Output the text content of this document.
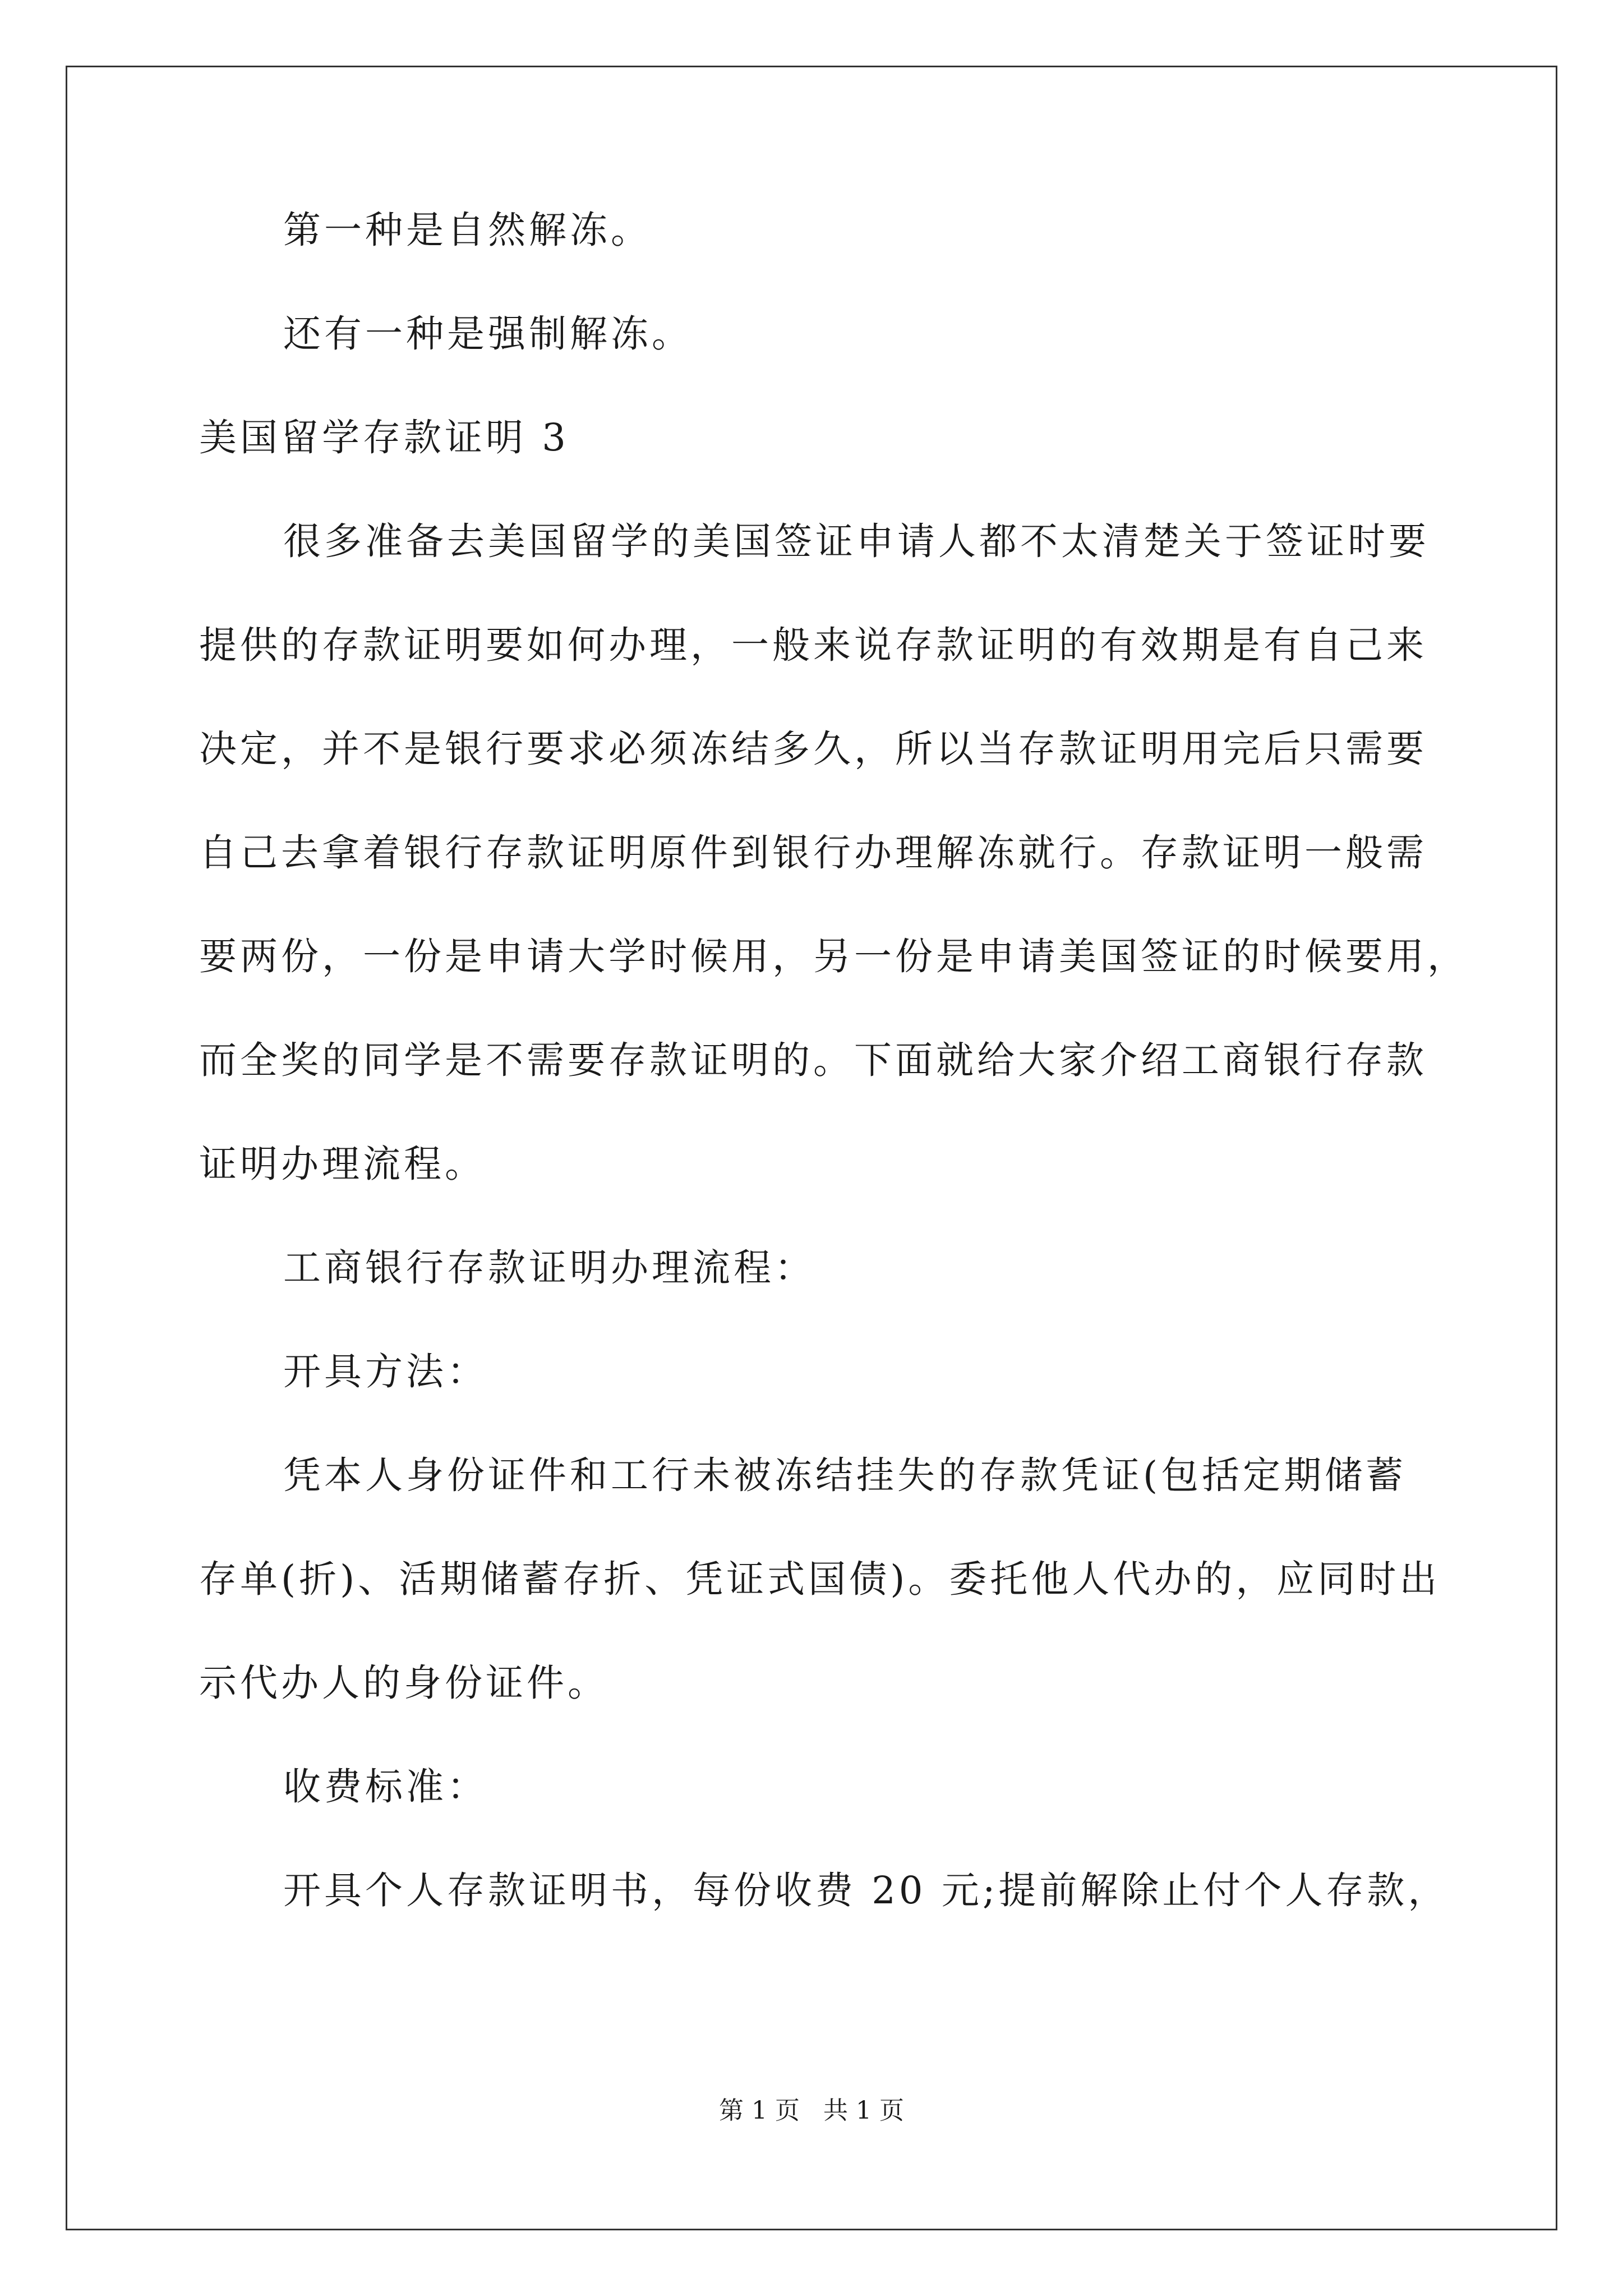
第一种是自然解冻。
还有一种是强制解冻。
美国留学存款证明 3
很多准备去美国留学的美国签证申请人都不太清楚关于签证时要
提供的存款证明要如何办理，一般来说存款证明的有效期是有自己来
决定，并不是银行要求必须冻结多久，所以当存款证明用完后只需要
自己去拿着银行存款证明原件到银行办理解冻就行。存款证明一般需
要两份，一份是申请大学时候用，另一份是申请美国签证的时候要用，
而全奖的同学是不需要存款证明的。下面就给大家介绍工商银行存款
证明办理流程。
工商银行存款证明办理流程：
开具方法：
凭本人身份证件和工行未被冻结挂失的存款凭证(包括定期储蓄
存单(折)、活期储蓄存折、凭证式国债)。委托他人代办的，应同时出
示代办人的身份证件。
收费标准：
开具个人存款证明书，每份收费 20 元;提前解除止付个人存款，
第 1 页   共 1 页
